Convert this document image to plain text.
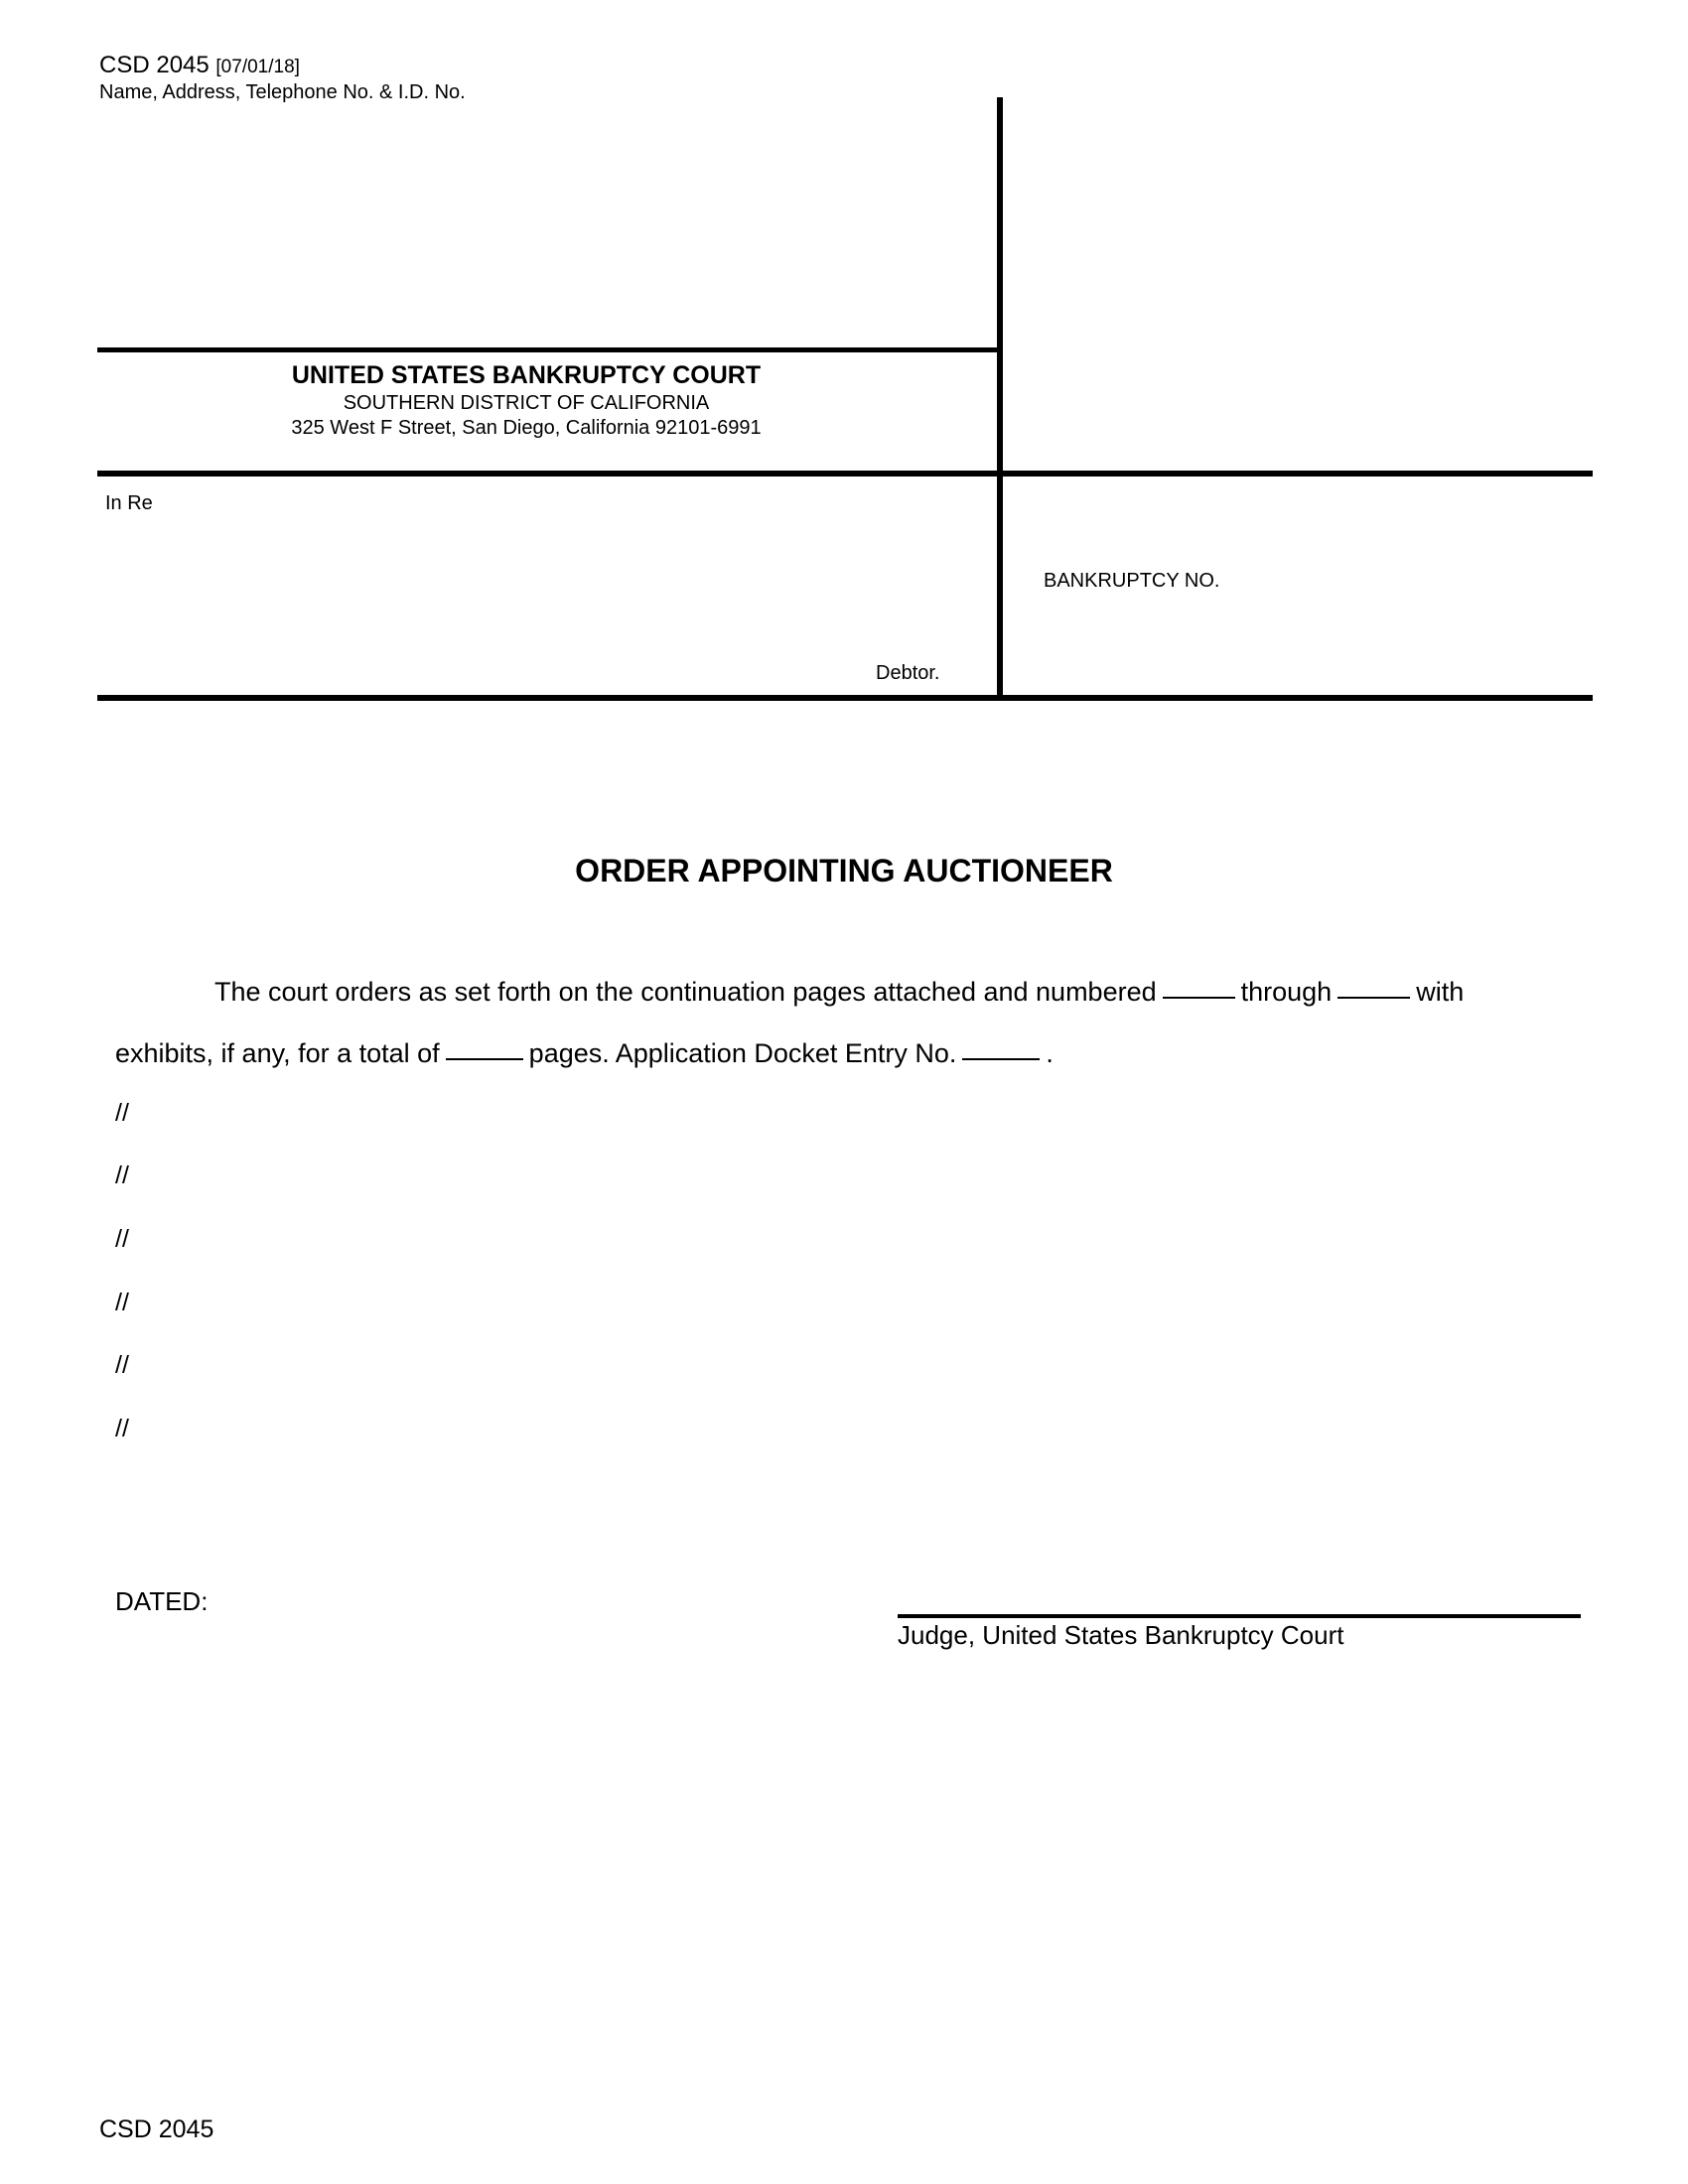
CSD 2045 [07/01/18]
Name, Address, Telephone No. & I.D. No.
UNITED STATES BANKRUPTCY COURT
SOUTHERN DISTRICT OF CALIFORNIA
325 West F Street, San Diego, California 92101-6991
In Re
Debtor.
BANKRUPTCY NO.
ORDER APPOINTING AUCTIONEER
The court orders as set forth on the continuation pages attached and numbered	through	with
exhibits, if any, for a total of	pages. Application Docket Entry No.	.
//
//
//
//
//
//
DATED:
Judge, United States Bankruptcy Court
CSD 2045
